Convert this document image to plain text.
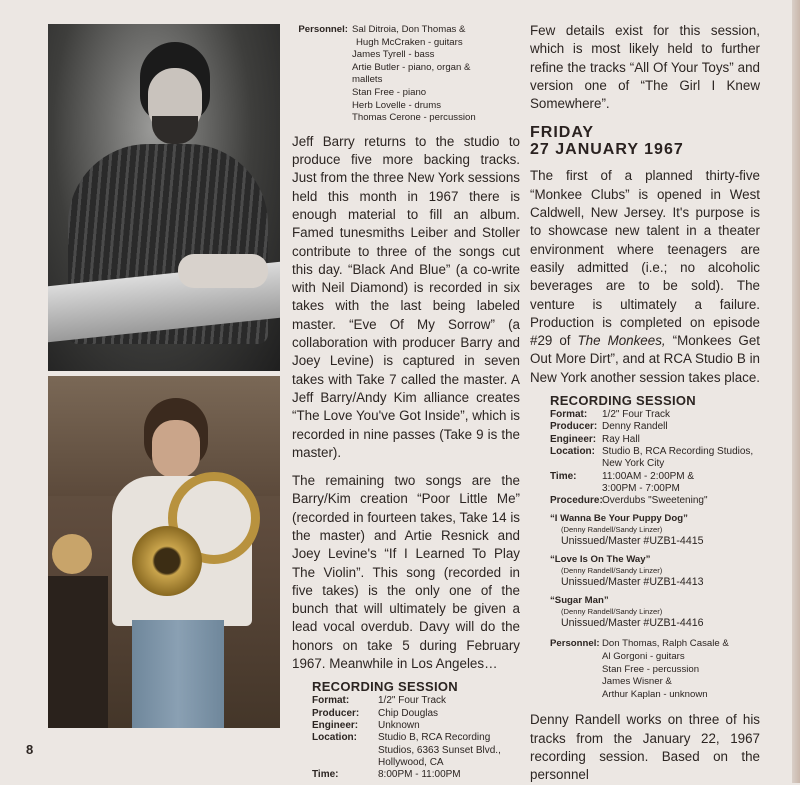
Personnel: Sal Ditroia, Don Thomas &
Hugh McCraken - guitars
James Tyrell - bass
Artie Butler - piano, organ &
mallets
Stan Free - piano
Herb Lovelle - drums
Thomas Cerone - percussion

Jeff Barry returns to the studio to produce five more backing tracks. Just from the three New York sessions held this month in 1967 there is enough material to fill an album. Famed tunesmiths Leiber and Stoller contribute to three of the songs cut this day. “Black And Blue” (a co-write with Neil Diamond) is recorded in six takes with the last being labeled master. “Eve Of My Sorrow” (a collaboration with producer Barry and Joey Levine) is captured in seven takes with Take 7 called the master. A Jeff Barry/Andy Kim alliance creates “The Love You've Got Inside”, which is recorded in nine passes (Take 9 is the master).

The remaining two songs are the Barry/Kim creation “Poor Little Me” (recorded in fourteen takes, Take 14 is the master) and Artie Resnick and Joey Levine's “If I Learned To Play The Violin”. This song (recorded in five takes) is the only one of the bunch that will ultimately be given a lead vocal overdub. Davy will do the honors on take 5 during February 1967. Meanwhile in Los Angeles…

RECORDING SESSION
Format:	1/2" Four Track
Producer:	Chip Douglas
Engineer:	Unknown
Location:	Studio B, RCA Recording
Studios, 6363 Sunset Blvd.,
Hollywood, CA
Time:	8:00PM - 11:00PM

Few details exist for this session, which is most likely held to further refine the tracks “All Of Your Toys” and version one of “The Girl I Knew Somewhere”.

FRIDAY
27 JANUARY 1967

The first of a planned thirty-five “Monkee Clubs” is opened in West Caldwell, New Jersey. It's purpose is to showcase new talent in a theater environment where teenagers are easily admitted (i.e.; no alcoholic beverages are to be sold). The venture is ultimately a failure. Production is completed on episode #29 of The Monkees, “Monkees Get Out More Dirt”, and at RCA Studio B in New York another session takes place.

RECORDING SESSION
Format:	1/2" Four Track
Producer: Denny Randell
Engineer: Ray Hall
Location: Studio B, RCA Recording Studios,
New York City
Time:	11:00AM - 2:00PM &
3:00PM - 7:00PM
Procedure: Overdubs "Sweetening"
“I Wanna Be Your Puppy Dog”
(Denny Randell/Sandy Linzer)
Unissued/Master #UZB1-4415
“Love Is On The Way”
(Denny Randell/Sandy Linzer)
Unissued/Master #UZB1-4413
“Sugar Man”
(Denny Randell/Sandy Linzer)
Unissued/Master #UZB1-4416
Personnel: Don Thomas, Ralph Casale &
Al Gorgoni - guitars
Stan Free - percussion
James Wisner &
Arthur Kaplan - unknown

Denny Randell works on three of his tracks from the January 22, 1967 recording session. Based on the personnel

8
